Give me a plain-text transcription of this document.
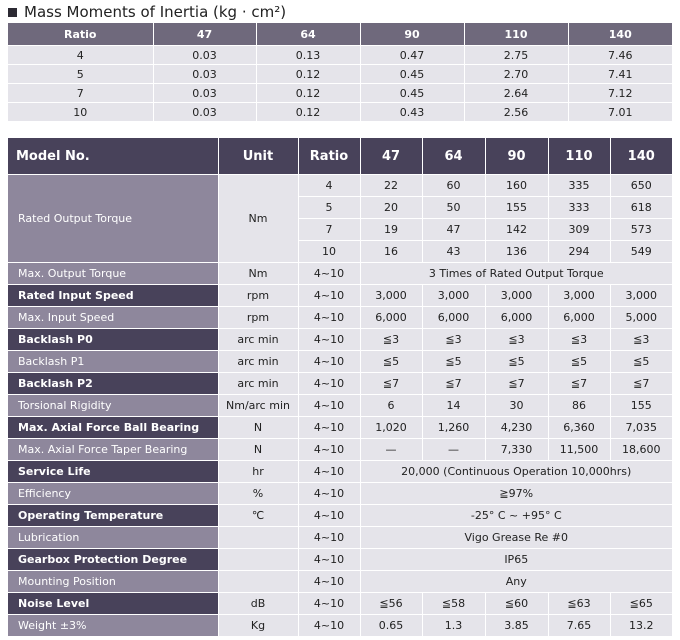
Mass Moments of Inertia (kg · cm²)
Ratio	47	64	90	110	140
4	0.03	0.13	0.47	2.75	7.46
5	0.03	0.12	0.45	2.70	7.41
7	0.03	0.12	0.45	2.64	7.12
10	0.03	0.12	0.43	2.56	7.01
Model No.	Unit	Ratio	47	64	90	110	140
Rated Output Torque	Nm	4	22	60	160	335	650
		5	20	50	155	333	618
		7	19	47	142	309	573
		10	16	43	136	294	549
Max. Output Torque	Nm	4~10	3 Times of Rated Output Torque				
Rated Input Speed	rpm	4~10	3,000	3,000	3,000	3,000	3,000
Max. Input Speed	rpm	4~10	6,000	6,000	6,000	6,000	5,000
Backlash P0	arc min	4~10	≦3	≦3	≦3	≦3	≦3
Backlash P1	arc min	4~10	≦5	≦5	≦5	≦5	≦5
Backlash P2	arc min	4~10	≦7	≦7	≦7	≦7	≦7
Torsional Rigidity	Nm/arc min	4~10	6	14	30	86	155
Max. Axial Force Ball Bearing	N	4~10	1,020	1,260	4,230	6,360	7,035
Max. Axial Force Taper Bearing	N	4~10	—	—	7,330	11,500	18,600
Service Life	hr	4~10	20,000 (Continuous Operation 10,000hrs)				
Efficiency	%	4~10	≧97%				
Operating Temperature	℃	4~10	-25° C ~ +95° C				
Lubrication		4~10	Vigo Grease Re #0				
Gearbox Protection Degree		4~10	IP65				
Mounting Position		4~10	Any				
Noise Level	dB	4~10	≦56	≦58	≦60	≦63	≦65
Weight ±3%	Kg	4~10	0.65	1.3	3.85	7.65	13.2
